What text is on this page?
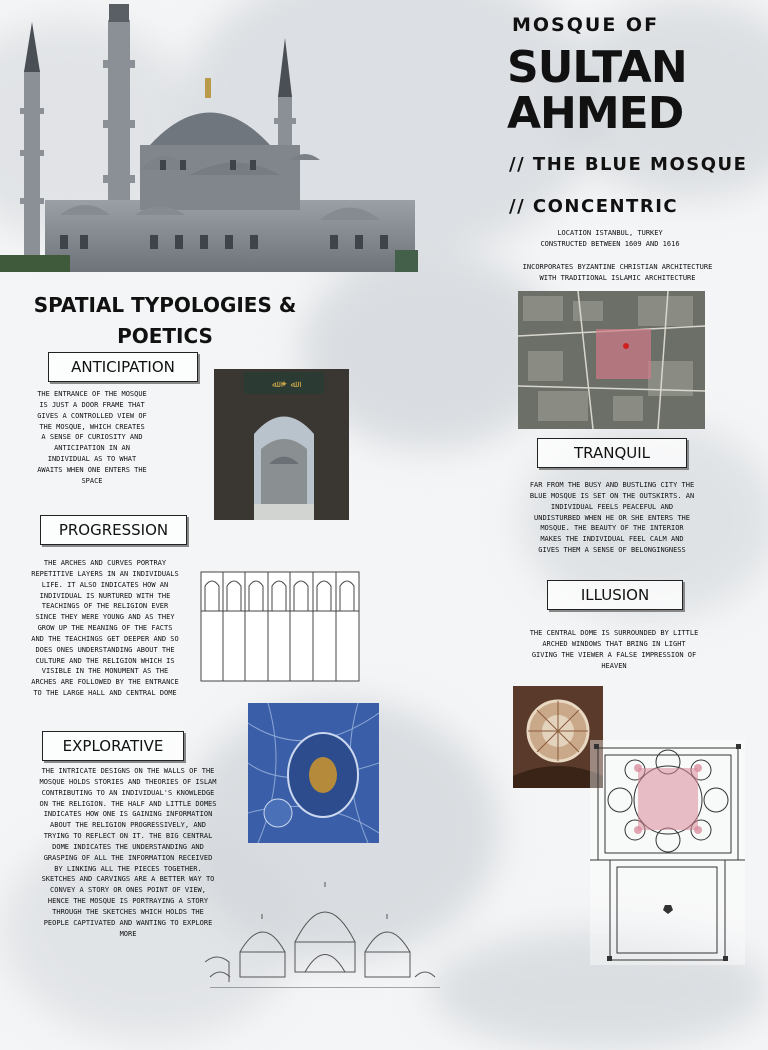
MOSQUE OF
SULTAN
AHMED
// THE BLUE MOSQUE
// CONCENTRIC
LOCATION ISTANBUL, TURKEY
CONSTRUCTED BETWEEN 1609 AND 1616
INCORPORATES BYZANTINE CHRISTIAN ARCHITECTURE
WITH TRADITIONAL ISLAMIC ARCHITECTURE
SPATIAL TYPOLOGIES &
POETICS
ANTICIPATION
THE ENTRANCE OF THE MOSQUE IS JUST A DOOR FRAME THAT GIVES A CONTROLLED VIEW OF THE MOSQUE, WHICH CREATES A SENSE OF CURIOSITY AND ANTICIPATION IN AN INDIVIDUAL AS TO WHAT AWAITS WHEN ONE ENTERS THE SPACE
ﷲ ✦ ﷲ
PROGRESSION
THE ARCHES AND CURVES PORTRAY REPETITIVE LAYERS IN AN INDIVIDUALS LIFE. IT ALSO INDICATES HOW AN INDIVIDUAL IS NURTURED WITH THE TEACHINGS OF THE RELIGION EVER SINCE THEY WERE YOUNG AND AS THEY GROW UP THE MEANING OF THE FACTS AND THE TEACHINGS GET DEEPER AND SO DOES ONES UNDERSTANDING ABOUT THE CULTURE AND THE RELIGION WHICH IS VISIBLE IN THE MONUMENT AS THE ARCHES ARE FOLLOWED BY THE ENTRANCE TO THE LARGE HALL AND CENTRAL DOME
EXPLORATIVE
THE INTRICATE DESIGNS ON THE WALLS OF THE MOSQUE HOLDS STORIES AND THEORIES OF ISLAM CONTRIBUTING TO AN INDIVIDUAL'S KNOWLEDGE ON THE RELIGION. THE HALF AND LITTLE DOMES INDICATES HOW ONE IS GAINING INFORMATION ABOUT THE RELIGION PROGRESSIVELY, AND TRYING TO REFLECT ON IT. THE BIG CENTRAL DOME INDICATES THE UNDERSTANDING AND GRASPING OF ALL THE INFORMATION RECEIVED BY LINKING ALL THE PIECES TOGETHER.
SKETCHES AND CARVINGS ARE A BETTER WAY TO CONVEY A STORY OR ONES POINT OF VIEW, HENCE THE MOSQUE IS PORTRAYING A STORY THROUGH THE SKETCHES WHICH HOLDS THE PEOPLE CAPTIVATED AND WANTING TO EXPLORE MORE
TRANQUIL
FAR FROM THE BUSY AND BUSTLING CITY THE BLUE MOSQUE IS SET ON THE OUTSKIRTS. AN INDIVIDUAL FEELS PEACEFUL AND UNDISTURBED WHEN HE OR SHE ENTERS THE MOSQUE. THE BEAUTY OF THE INTERIOR MAKES THE INDIVIDUAL FEEL CALM AND GIVES THEM A SENSE OF BELONGINGNESS
ILLUSION
THE CENTRAL DOME IS SURROUNDED BY LITTLE ARCHED WINDOWS THAT BRING IN LIGHT GIVING THE VIEWER A FALSE IMPRESSION OF HEAVEN
